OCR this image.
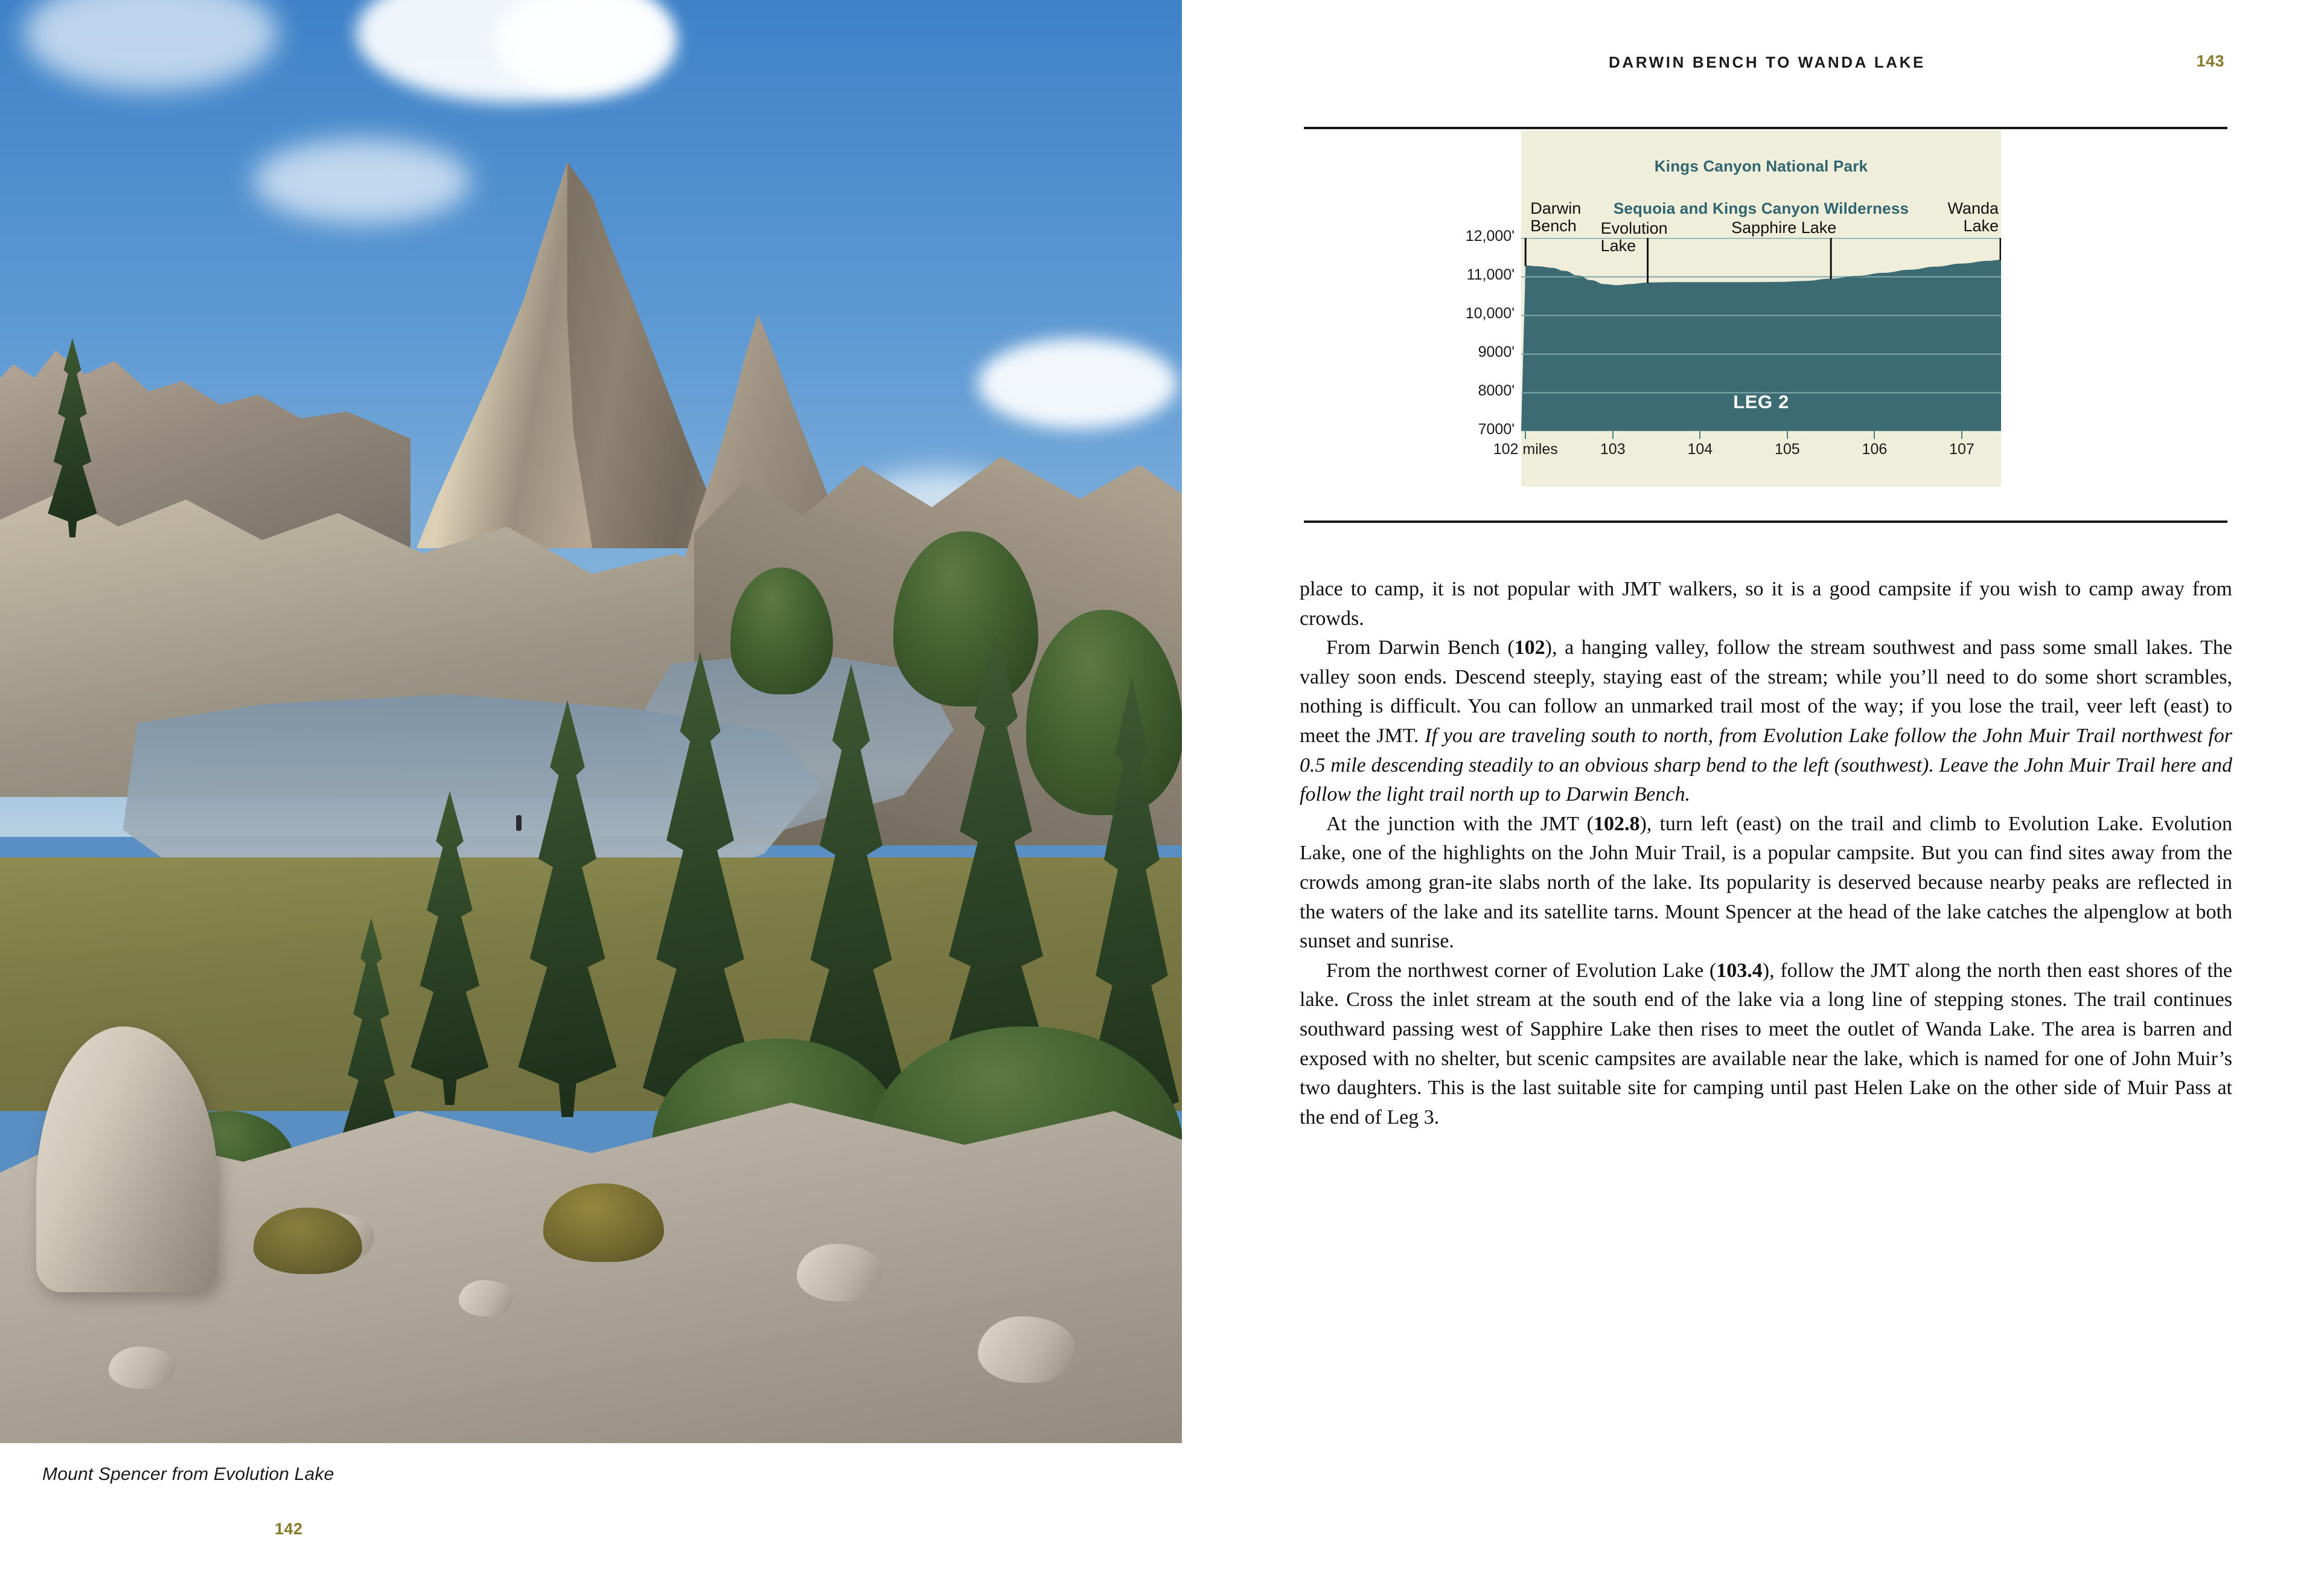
Mount Spencer from Evolution Lake
142
DARWIN BENCH TO WANDA LAKE	143
Kings Canyon National Park
Sequoia and Kings Canyon Wilderness
LEG 2
12,000'
11,000'
10,000'
9000'
8000'
7000'
102 miles	103	104	105	106	107
Darwin
Bench Evolution
Lake
Sapphire Lake
Wanda
Lake

place to camp, it is not popular with JMT walkers, so it is a good campsite if you wish to camp away from crowds.

From Darwin Bench (102), a hanging valley, follow the stream southwest and pass some small lakes. The valley soon ends. Descend steeply, staying east of the stream; while you’ll need to do some short scrambles, nothing is difficult. You can follow an unmarked trail most of the way; if you lose the trail, veer left (east) to meet the JMT. If you are traveling south to north, from Evolution Lake follow the John Muir Trail northwest for 0.5 mile descending steadily to an obvious sharp bend to the left (southwest). Leave the John Muir Trail here and follow the light trail north up to Darwin Bench.

At the junction with the JMT (102.8), turn left (east) on the trail and climb to Evolution Lake. Evolution Lake, one of the highlights on the John Muir Trail, is a popular campsite. But you can find sites away from the crowds among gran-ite slabs north of the lake. Its popularity is deserved because nearby peaks are reflected in the waters of the lake and its satellite tarns. Mount Spencer at the head of the lake catches the alpenglow at both sunset and sunrise.

From the northwest corner of Evolution Lake (103.4), follow the JMT along the north then east shores of the lake. Cross the inlet stream at the south end of the lake via a long line of stepping stones. The trail continues southward passing west of Sapphire Lake then rises to meet the outlet of Wanda Lake. The area is barren and exposed with no shelter, but scenic campsites are available near the lake, which is named for one of John Muir’s two daughters. This is the last suitable site for camping until past Helen Lake on the other side of Muir Pass at the end of Leg 3.
